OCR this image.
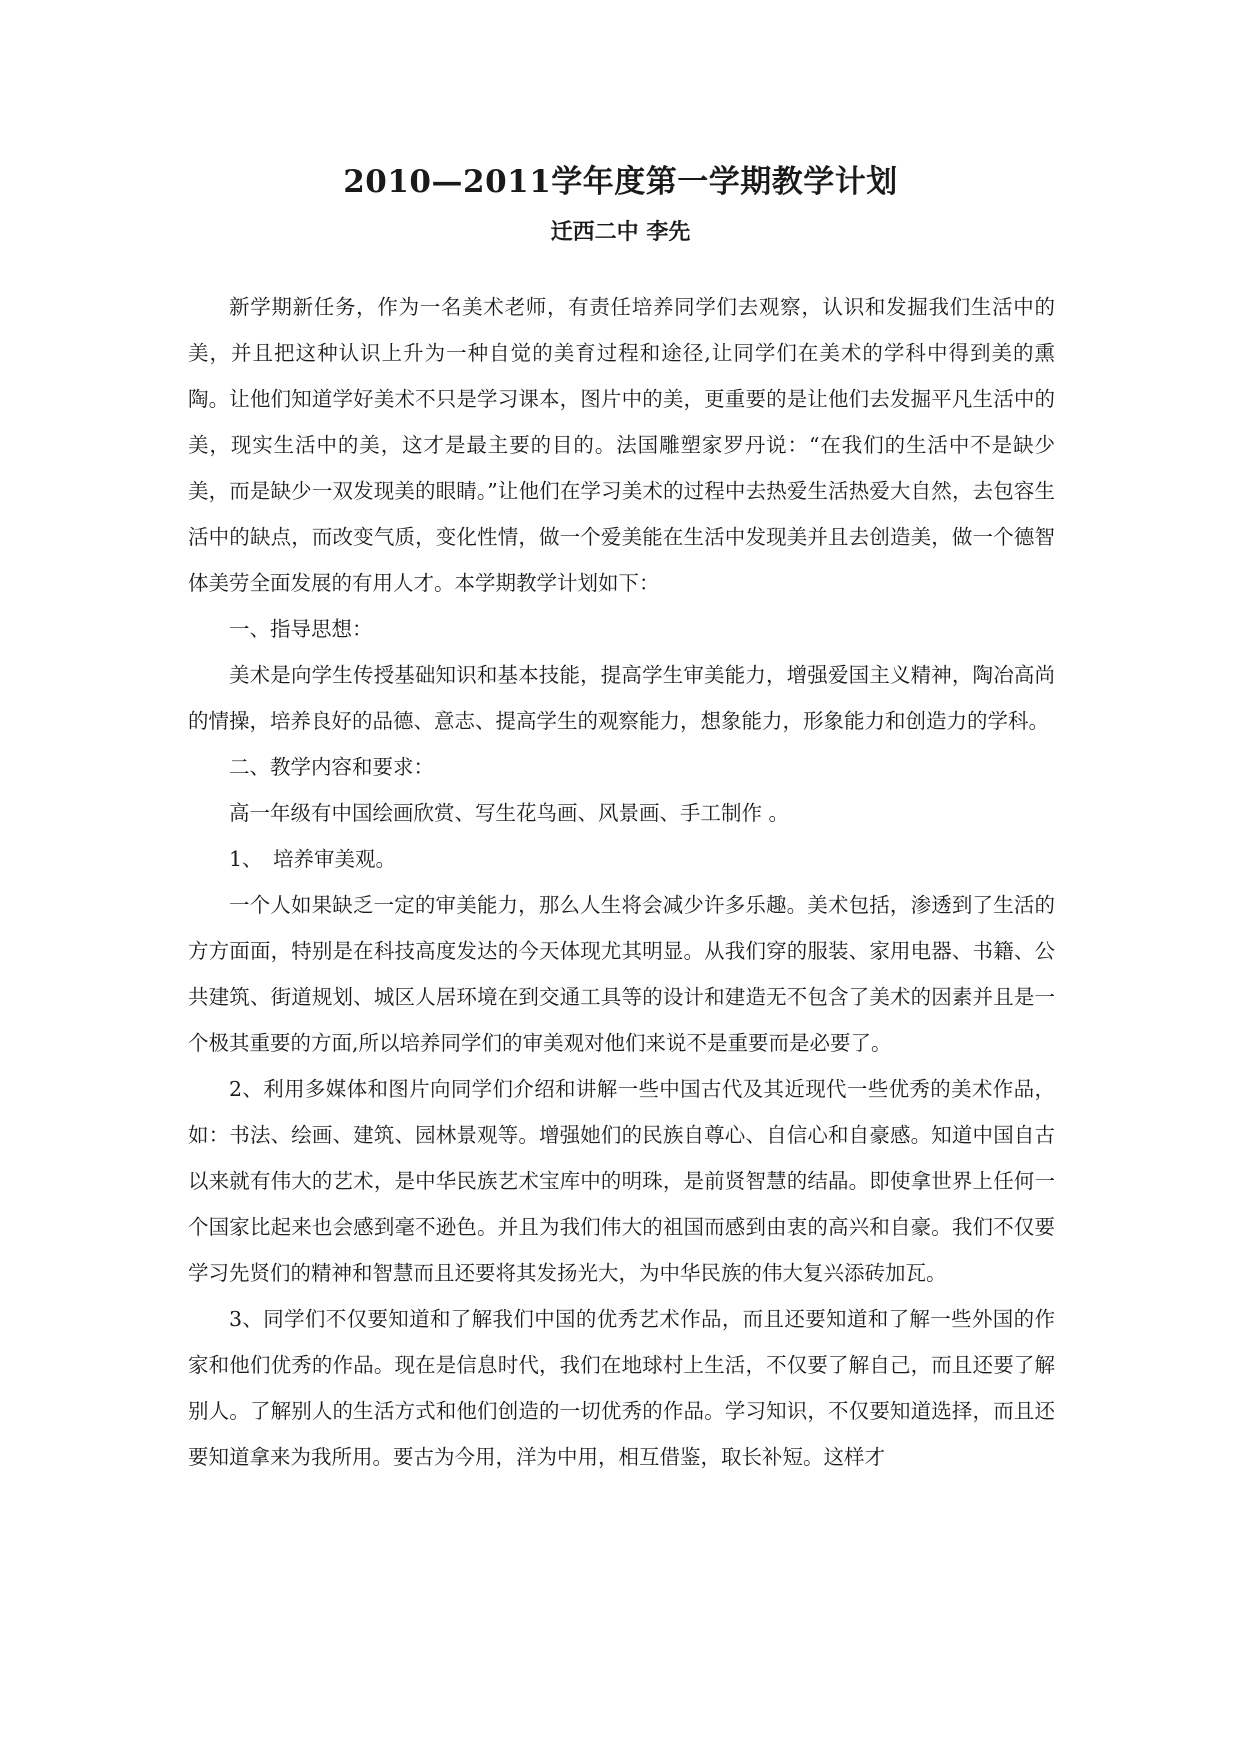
2010—2011学年度第一学期教学计划
迁西二中 李先

新学期新任务，作为一名美术老师，有责任培养同学们去观察，认识和发掘我们生活中的美，并且把这种认识上升为一种自觉的美育过程和途径,让同学们在美术的学科中得到美的熏陶。让他们知道学好美术不只是学习课本，图片中的美，更重要的是让他们去发掘平凡生活中的美，现实生活中的美，这才是最主要的目的。法国雕塑家罗丹说：“在我们的生活中不是缺少美，而是缺少一双发现美的眼睛。”让他们在学习美术的过程中去热爱生活热爱大自然，去包容生活中的缺点，而改变气质，变化性情，做一个爱美能在生活中发现美并且去创造美，做一个德智体美劳全面发展的有用人才。本学期教学计划如下：

一、指导思想：

美术是向学生传授基础知识和基本技能，提高学生审美能力，增强爱国主义精神，陶冶高尚的情操，培养良好的品德、意志、提高学生的观察能力，想象能力，形象能力和创造力的学科。

二、教学内容和要求：

高一年级有中国绘画欣赏、写生花鸟画、风景画、手工制作 。

1、 培养审美观。

一个人如果缺乏一定的审美能力，那么人生将会减少许多乐趣。美术包括，渗透到了生活的方方面面，特别是在科技高度发达的今天体现尤其明显。从我们穿的服装、家用电器、书籍、公共建筑、街道规划、城区人居环境在到交通工具等的设计和建造无不包含了美术的因素并且是一个极其重要的方面,所以培养同学们的审美观对他们来说不是重要而是必要了。

2、利用多媒体和图片向同学们介绍和讲解一些中国古代及其近现代一些优秀的美术作品，如：书法、绘画、建筑、园林景观等。增强她们的民族自尊心、自信心和自豪感。知道中国自古以来就有伟大的艺术，是中华民族艺术宝库中的明珠，是前贤智慧的结晶。即使拿世界上任何一个国家比起来也会感到毫不逊色。并且为我们伟大的祖国而感到由衷的高兴和自豪。我们不仅要学习先贤们的精神和智慧而且还要将其发扬光大，为中华民族的伟大复兴添砖加瓦。

3、同学们不仅要知道和了解我们中国的优秀艺术作品，而且还要知道和了解一些外国的作家和他们优秀的作品。现在是信息时代，我们在地球村上生活，不仅要了解自己，而且还要了解别人。了解别人的生活方式和他们创造的一切优秀的作品。学习知识，不仅要知道选择，而且还要知道拿来为我所用。要古为今用，洋为中用，相互借鉴，取长补短。这样才
